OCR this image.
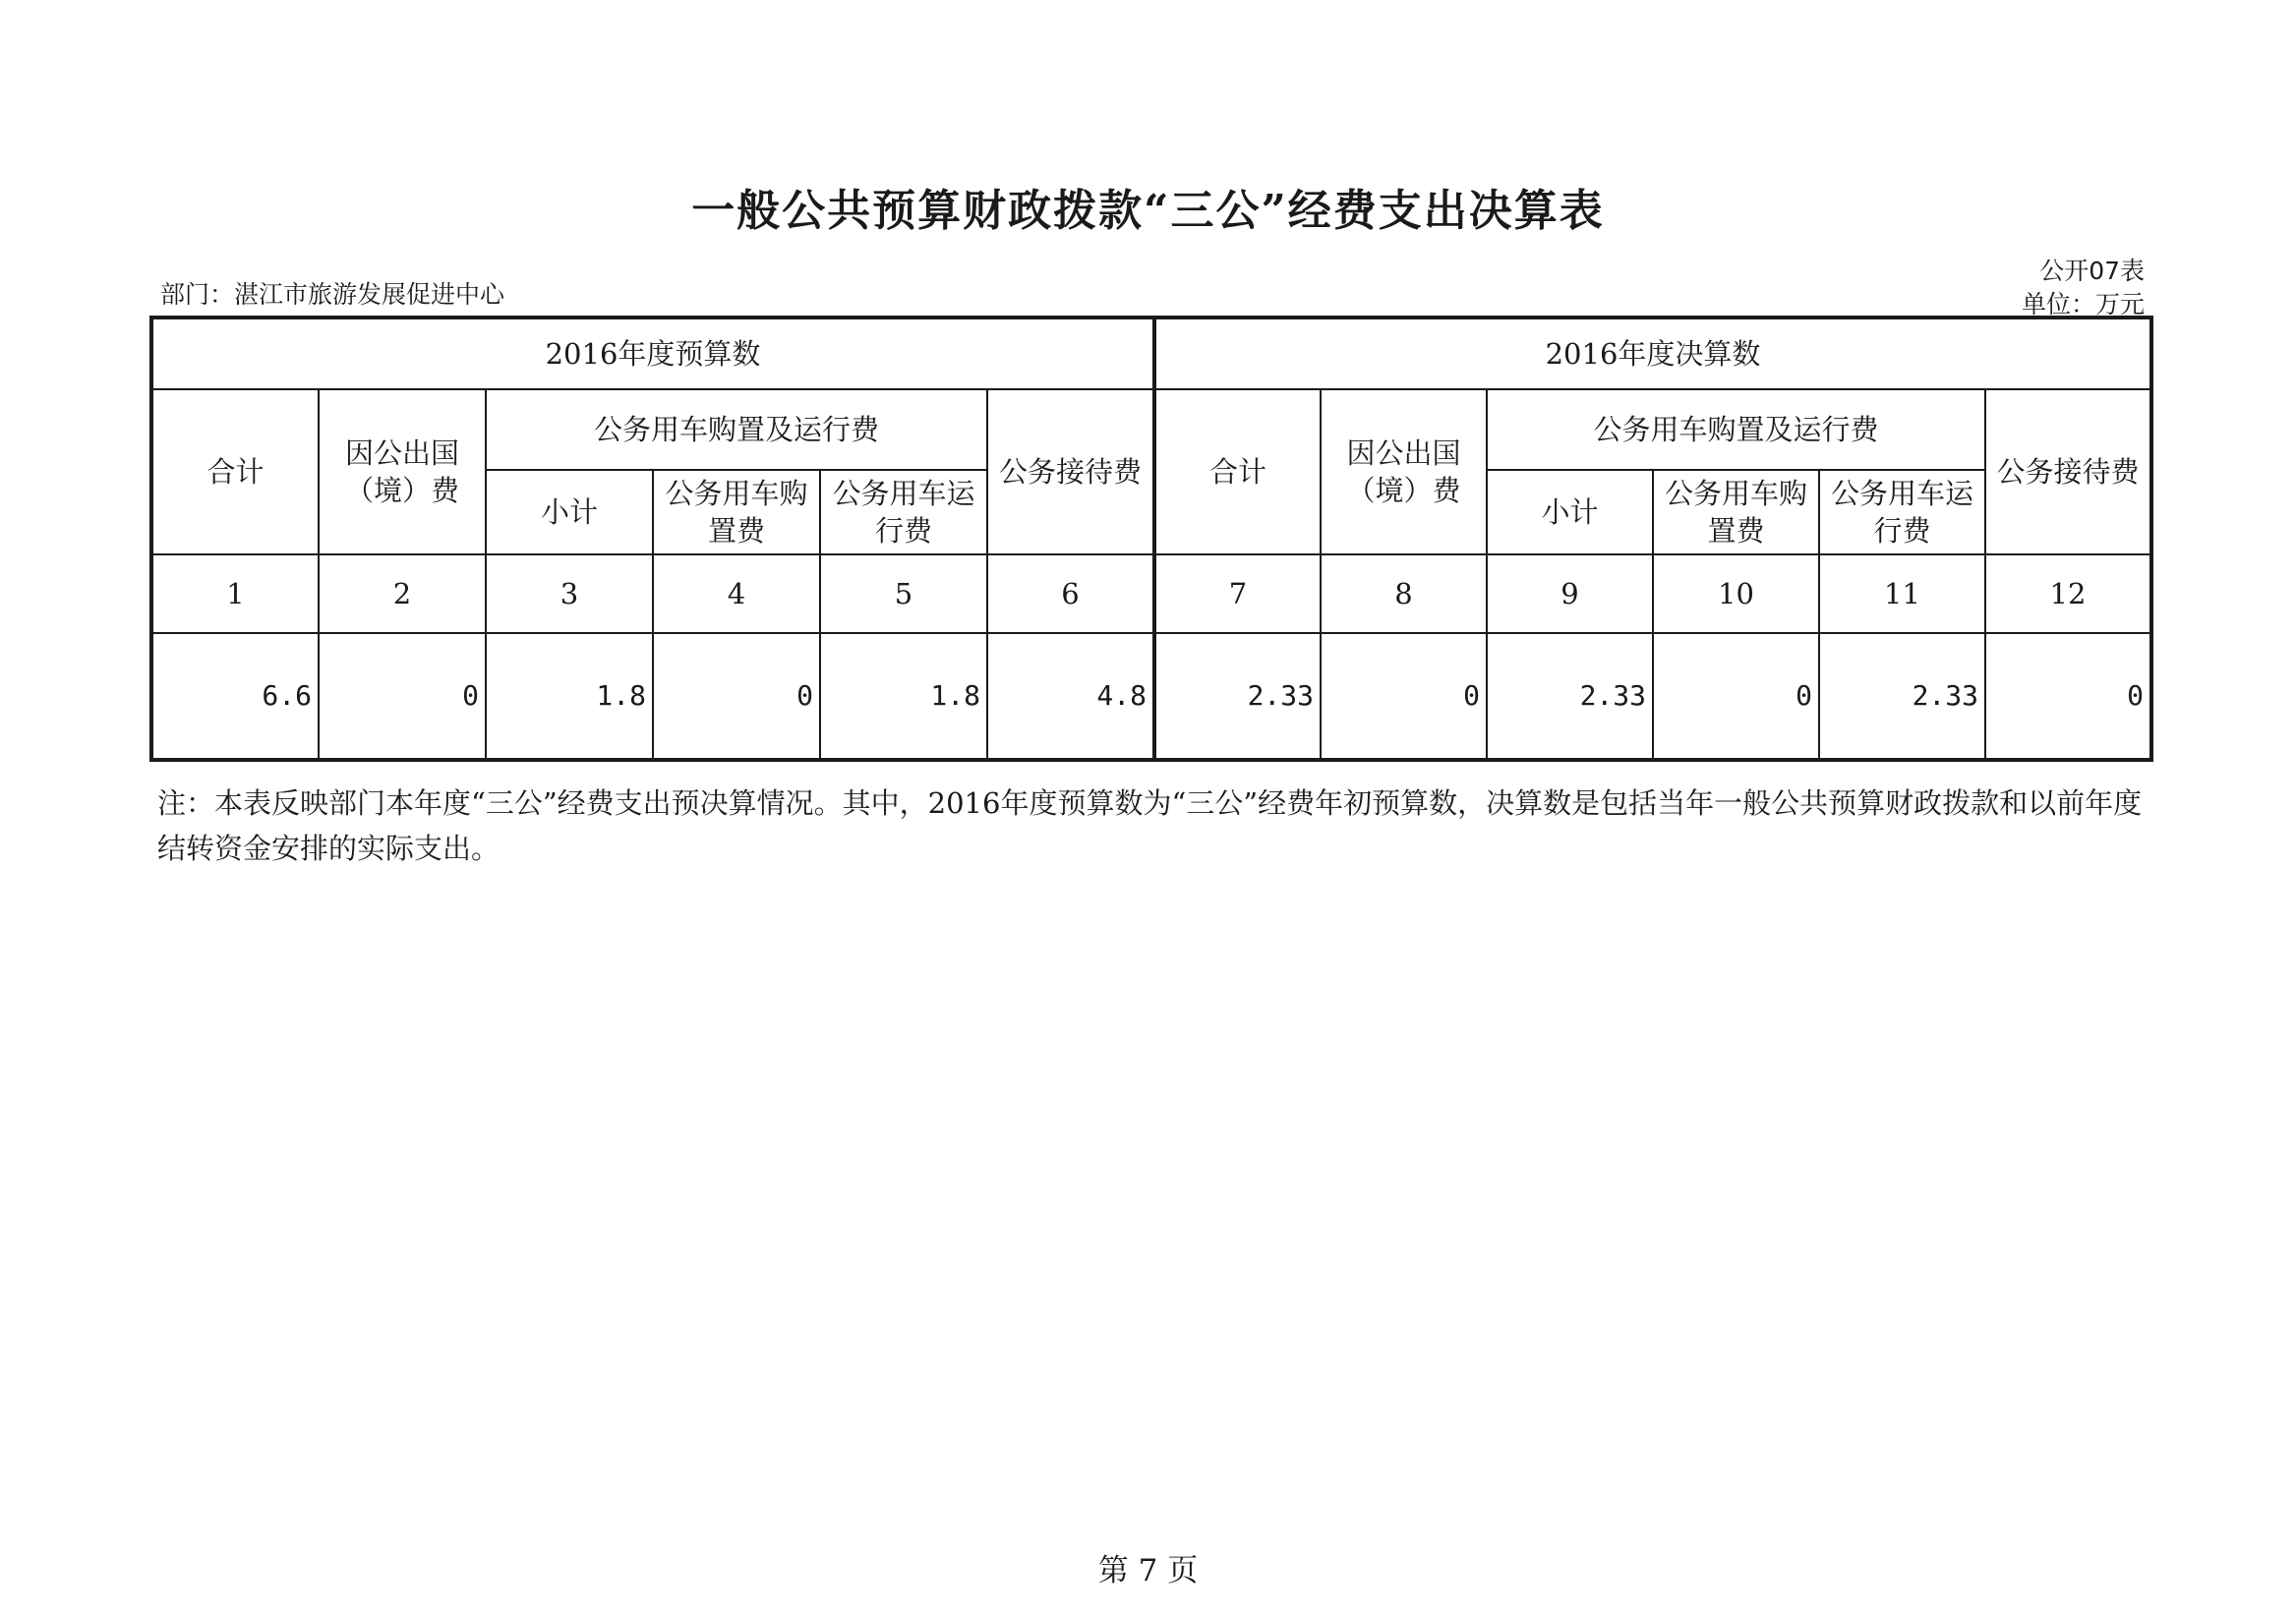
一般公共预算财政拨款“三公”经费支出决算表
部门：湛江市旅游发展促进中心
公开07表
单位：万元
2016年度预算数						2016年度决算数					
合计	因公出国（境）费	公务用车购置及运行费			公务接待费	合计	因公出国（境）费	公务用车购置及运行费			公务接待费
		小计	公务用车购置费	公务用车运行费				小计	公务用车购置费	公务用车运行费	
1	2	3	4	5	6	7	8	9	10	11	12
6.6	0	1.8	0	1.8	4.8	2.33	0	2.33	0	2.33	0
注：本表反映部门本年度“三公”经费支出预决算情况。其中，2016年度预算数为“三公”经费年初预算数，决算数是包括当年一般公共预算财政拨款和以前年度结转资金安排的实际支出。
第 7 页
